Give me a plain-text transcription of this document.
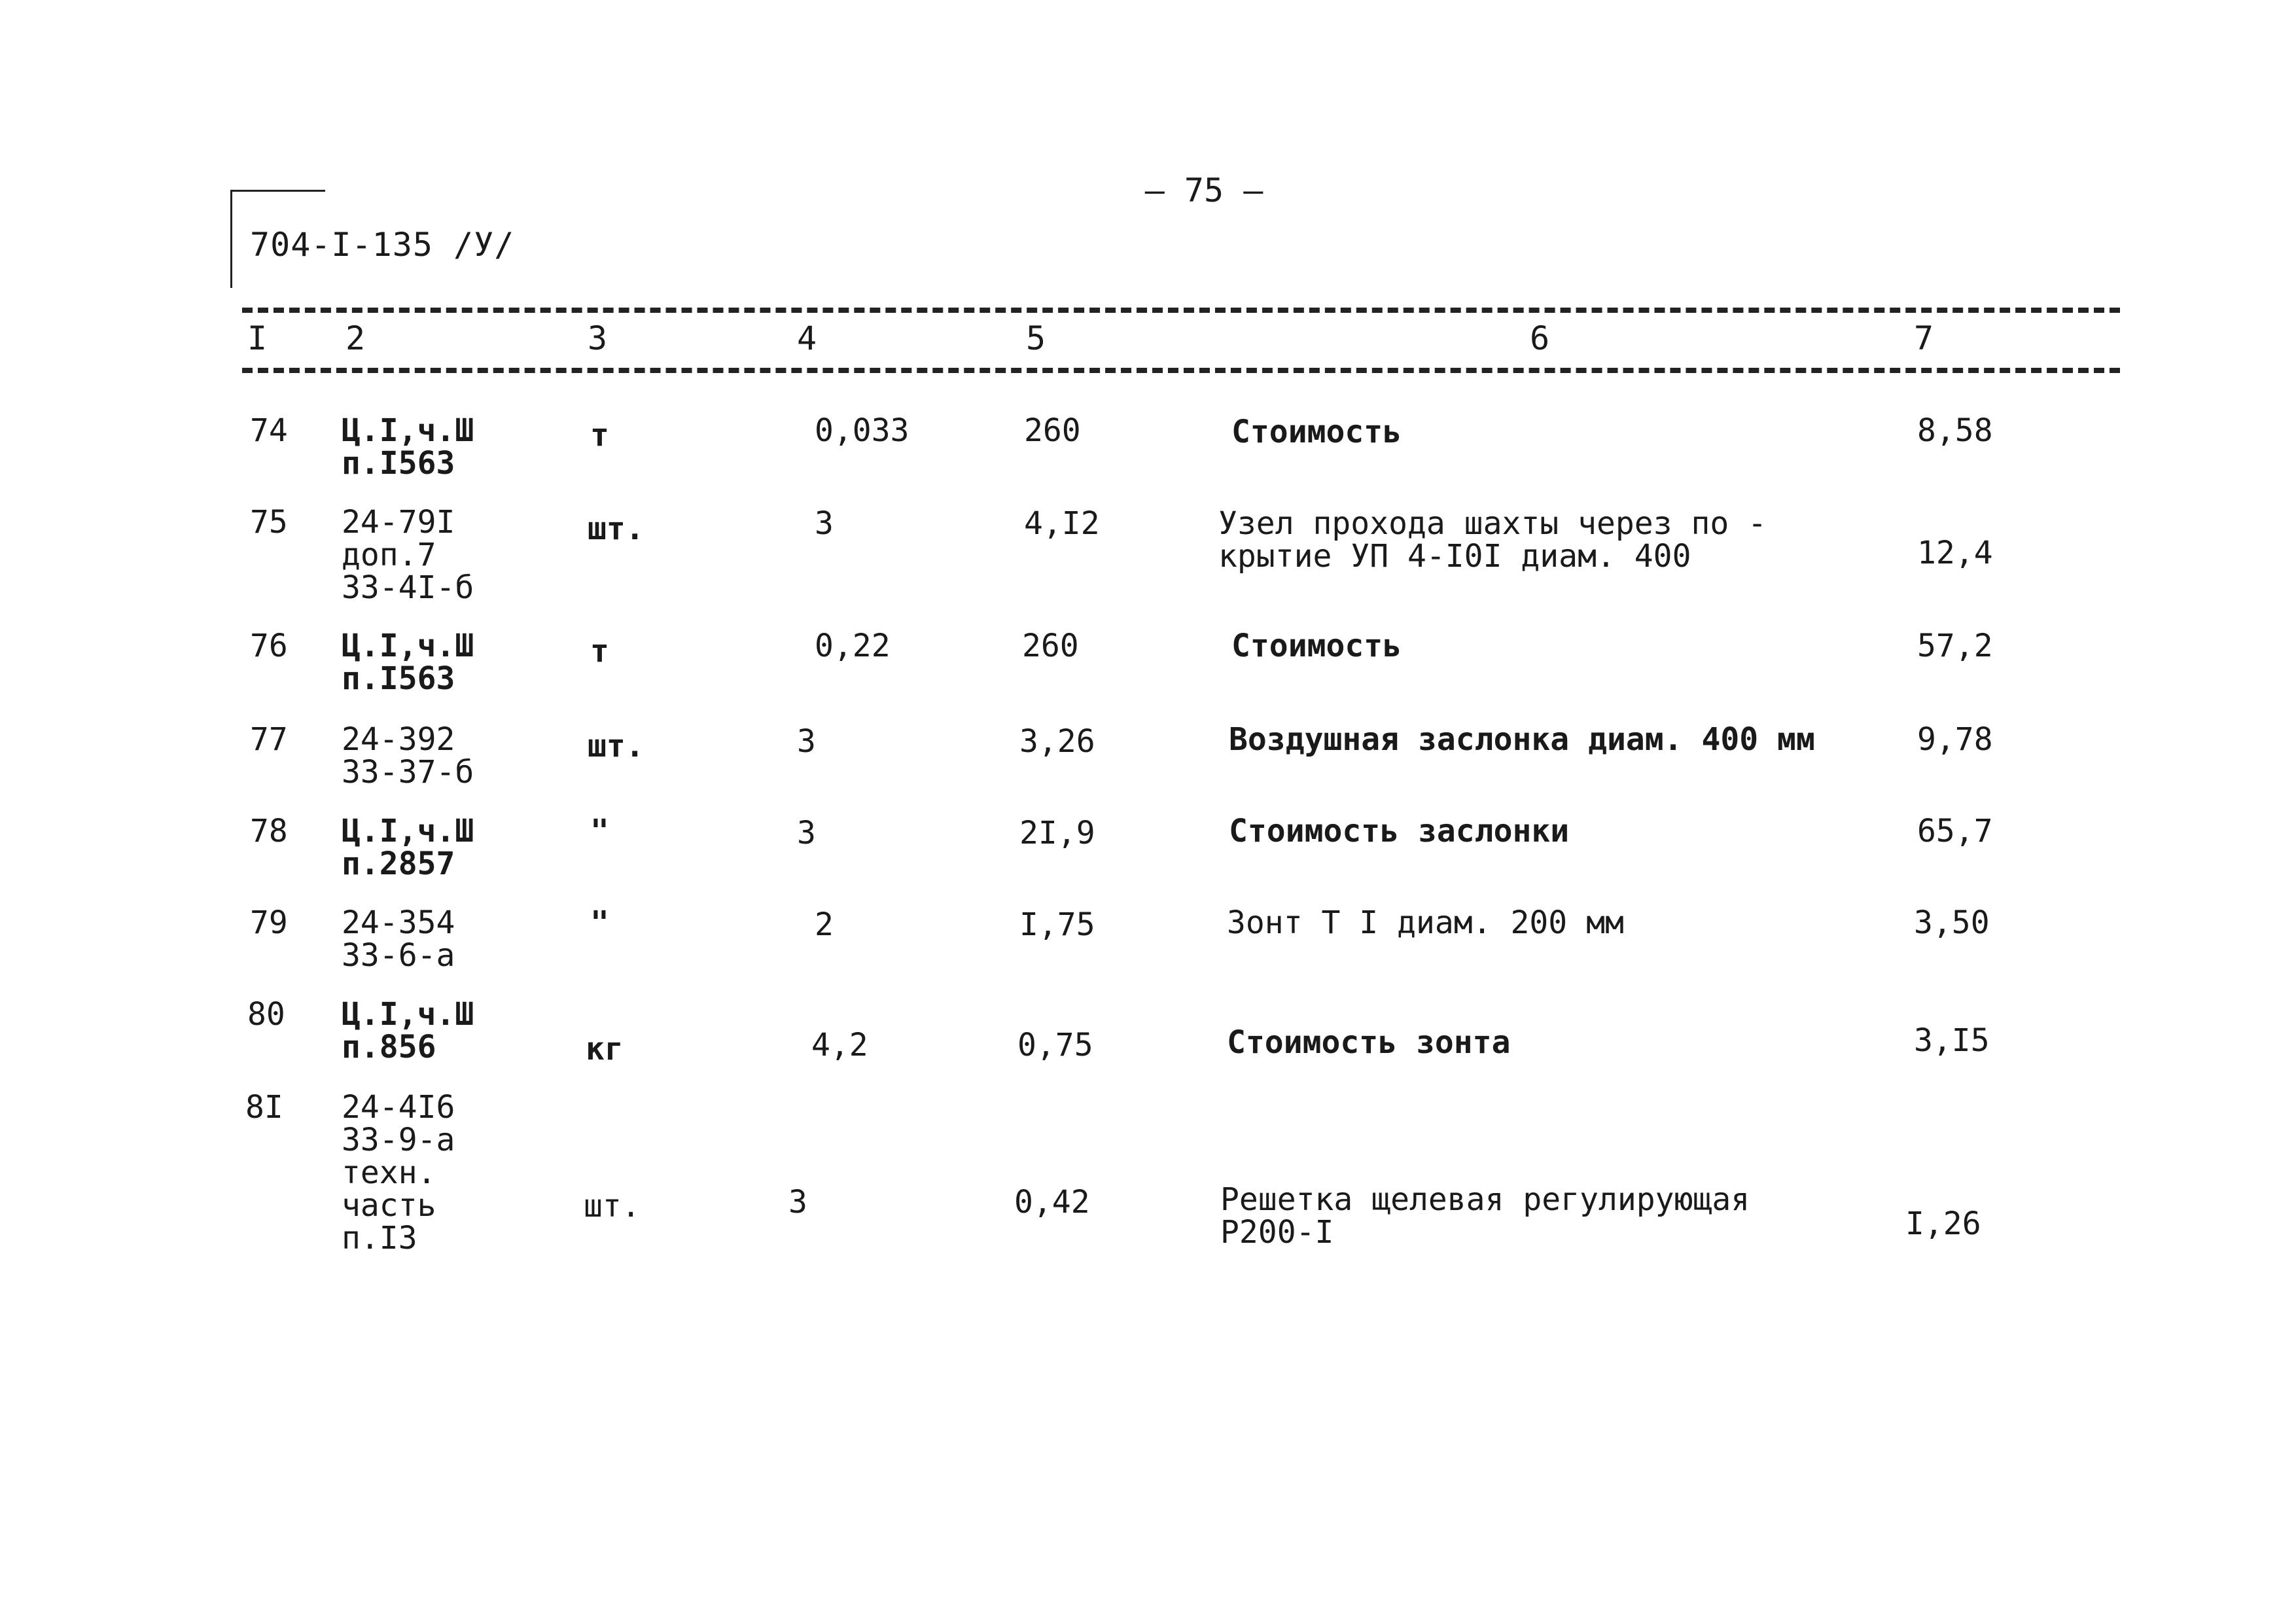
— 75 —
704-I-135 /У/
I 2	3	4	5	6	7
74 Ц.I,ч.Ш
п.I563
т	0,033	260	Стоимость	8,58
75 24-79I
доп.7
33-4I-б
шт.	3	4,I2	Узел прохода шахты через по -
крытие УП 4-I0I диам. 400	12,4
76 Ц.I,ч.Ш
п.I563
т	0,22	260	Стоимость	57,2
77 24-392
33-37-б
шт.	3	3,26	Воздушная заслонка диам. 400 мм	9,78
78 Ц.I,ч.Ш
п.2857
"	3	2I,9	Стоимость заслонки	65,7
79 24-354
33-6-а
"	2	I,75	Зонт Т I диам. 200 мм	3,50
80 Ц.I,ч.Ш
п.856	кг	4,2	0,75	Стоимость зонта	3,I5
8I 24-4I6
33-9-а
техн.
часть
п.I3
шт.	3	0,42	Решетка щелевая регулирующая
Р200-I	I,26
